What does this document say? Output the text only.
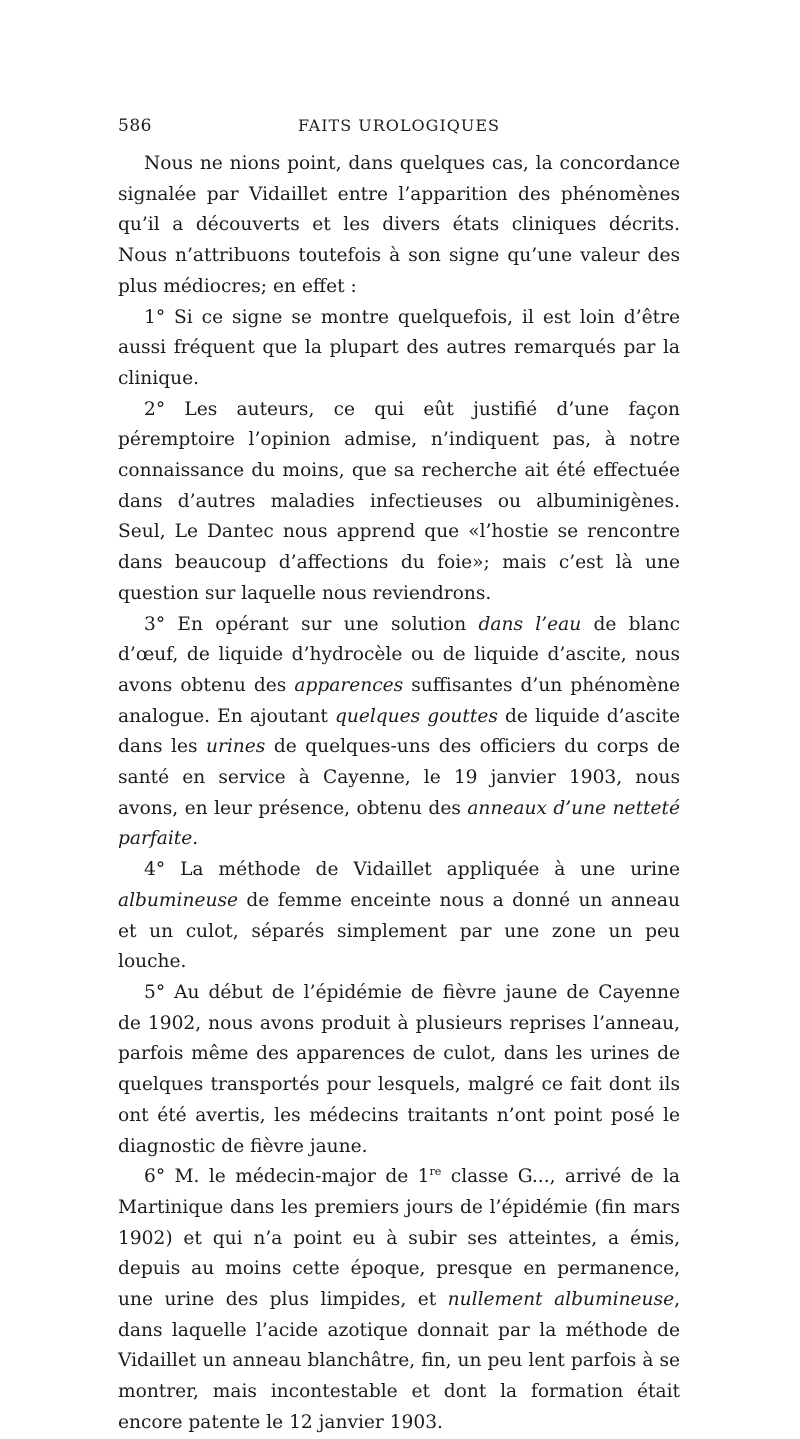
586	FAITS UROLOGIQUES

Nous ne nions point, dans quelques cas, la concordance signalée par Vidaillet entre l’apparition des phénomènes qu’il a découverts et les divers états cliniques décrits. Nous n’attribuons toutefois à son signe qu’une valeur des plus médiocres; en effet :

1° Si ce signe se montre quelquefois, il est loin d’être aussi fréquent que la plupart des autres remarqués par la clinique.

2° Les auteurs, ce qui eût justifié d’une façon péremptoire l’opinion admise, n’indiquent pas, à notre connaissance du moins, que sa recherche ait été effectuée dans d’autres maladies infectieuses ou albuminigènes. Seul, Le Dantec nous apprend que «l’hostie se rencontre dans beaucoup d’affections du foie»; mais c’est là une question sur laquelle nous reviendrons.

3° En opérant sur une solution dans l’eau de blanc d’œuf, de liquide d’hydrocèle ou de liquide d’ascite, nous avons obtenu des apparences suffisantes d’un phénomène analogue. En ajoutant quelques gouttes de liquide d’ascite dans les urines de quelques-uns des officiers du corps de santé en service à Cayenne, le 19 janvier 1903, nous avons, en leur présence, obtenu des anneaux d’une netteté parfaite.

4° La méthode de Vidaillet appliquée à une urine albumineuse de femme enceinte nous a donné un anneau et un culot, séparés simplement par une zone un peu louche.

5° Au début de l’épidémie de fièvre jaune de Cayenne de 1902, nous avons produit à plusieurs reprises l’anneau, parfois même des apparences de culot, dans les urines de quelques transportés pour lesquels, malgré ce fait dont ils ont été avertis, les médecins traitants n’ont point posé le diagnostic de fièvre jaune.

6° M. le médecin-major de 1re classe G..., arrivé de la Martinique dans les premiers jours de l’épidémie (fin mars 1902) et qui n’a point eu à subir ses atteintes, a émis, depuis au moins cette époque, presque en permanence, une urine des plus limpides, et nullement albumineuse, dans laquelle l’acide azotique donnait par la méthode de Vidaillet un anneau blanchâtre, fin, un peu lent parfois à se montrer, mais incontestable et dont la formation était encore patente le 12 janvier 1903.
